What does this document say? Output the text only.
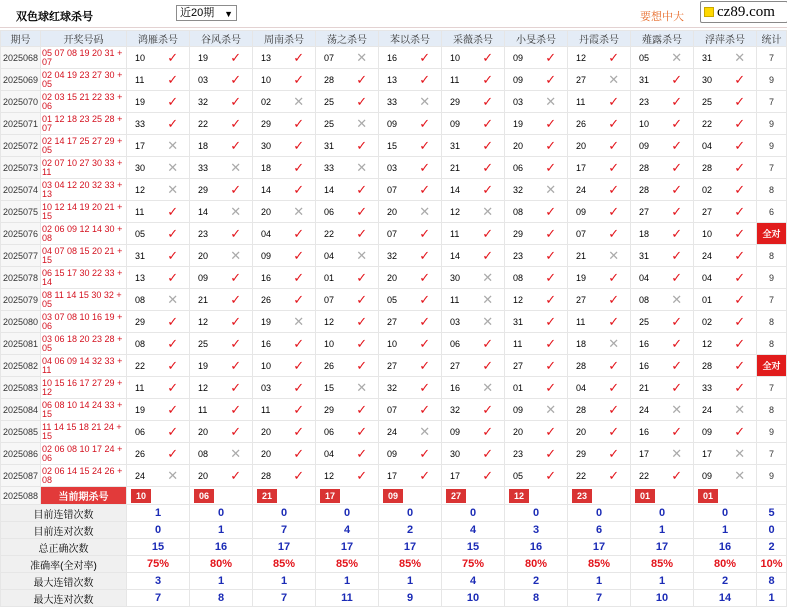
双色球红球杀号	近20期 ▼	要想中大 cz89.com
期号	开奖号码	鸿雁杀号		谷风杀号		周南杀号		荡之杀号		苯以杀号		采薇杀号		小旻杀号		丹霞杀号		薤露杀号		浮萍杀号		统计
2025068	05 07 08 19 20 31 + 07	10	✓	19	✓	13	✓	07	✕	16	✓	10	✓	09	✓	12	✓	05	✕	31	✕	7
2025069	02 04 19 23 27 30 + 05	11	✓	03	✓	10	✓	28	✓	13	✓	11	✓	09	✓	27	✕	31	✓	30	✓	9
2025070	02 03 15 21 22 33 + 06	19	✓	32	✓	02	✕	25	✓	33	✕	29	✓	03	✕	11	✓	23	✓	25	✓	7
2025071	01 12 18 23 25 28 + 07	33	✓	22	✓	29	✓	25	✕	09	✓	09	✓	19	✓	26	✓	10	✓	22	✓	9
2025072	02 14 17 25 27 29 + 05	17	✕	18	✓	30	✓	31	✓	15	✓	31	✓	20	✓	20	✓	09	✓	04	✓	9
2025073	02 07 10 27 30 33 + 11	30	✕	33	✕	18	✓	33	✕	03	✓	21	✓	06	✓	17	✓	28	✓	28	✓	7
2025074	03 04 12 20 32 33 + 13	12	✕	29	✓	14	✓	14	✓	07	✓	14	✓	32	✕	24	✓	28	✓	02	✓	8
2025075	10 12 14 19 20 21 + 15	11	✓	14	✕	20	✕	06	✓	20	✕	12	✕	08	✓	09	✓	27	✓	27	✓	6
2025076	02 06 09 12 14 30 + 08	05	✓	23	✓	04	✓	22	✓	07	✓	11	✓	29	✓	07	✓	18	✓	10	✓	全对
2025077	04 07 08 15 20 21 + 15	31	✓	20	✕	09	✓	04	✕	32	✓	14	✓	23	✓	21	✕	31	✓	24	✓	8
2025078	06 15 17 30 22 33 + 14	13	✓	09	✓	16	✓	01	✓	20	✓	30	✕	08	✓	19	✓	04	✓	04	✓	9
2025079	08 11 14 15 30 32 + 05	08	✕	21	✓	26	✓	07	✓	05	✓	11	✕	12	✓	27	✓	08	✕	01	✓	7
2025080	03 07 08 10 16 19 + 06	29	✓	12	✓	19	✕	12	✓	27	✓	03	✕	31	✓	11	✓	25	✓	02	✓	8
2025081	03 06 18 20 23 28 + 05	08	✓	25	✓	16	✓	10	✓	10	✓	06	✓	11	✓	18	✕	16	✓	12	✓	8
2025082	04 06 09 14 32 33 + 11	22	✓	19	✓	10	✓	26	✓	27	✓	27	✓	27	✓	28	✓	16	✓	28	✓	全对
2025083	10 15 16 17 27 29 + 12	11	✓	12	✓	03	✓	15	✕	32	✓	16	✕	01	✓	04	✓	21	✓	33	✓	7
2025084	06 08 10 14 24 33 + 15	19	✓	11	✓	11	✓	29	✓	07	✓	32	✓	09	✕	28	✓	24	✕	24	✕	8
2025085	11 14 15 18 21 24 + 15	06	✓	20	✓	20	✓	06	✓	24	✕	09	✓	20	✓	20	✓	16	✓	09	✓	9
2025086	02 06 08 10 17 24 + 06	26	✓	08	✕	20	✓	04	✓	09	✓	30	✓	23	✓	29	✓	17	✕	17	✕	7
2025087	02 06 14 15 24 26 + 08	24	✕	20	✓	28	✓	12	✓	17	✓	17	✓	05	✓	22	✓	22	✓	09	✕	9
2025088	当前期杀号	10		06		21		17		09		27		12		23		01		01		
目前连错次数		1		0		0		0		0		0		0		0		0		0		5
目前连对次数		0		1		7		4		2		4		3		6		1		1		0
总正确次数		15		16		17		17		17		15		16		17		17		16		2
准确率(全对率)		75%		80%		85%		85%		85%		75%		80%		85%		85%		80%		10%
最大连错次数		3		1		1		1		1		4		2		1		1		2		8
最大连对次数		7		8		7		11		9		10		8		7		10		14		1
